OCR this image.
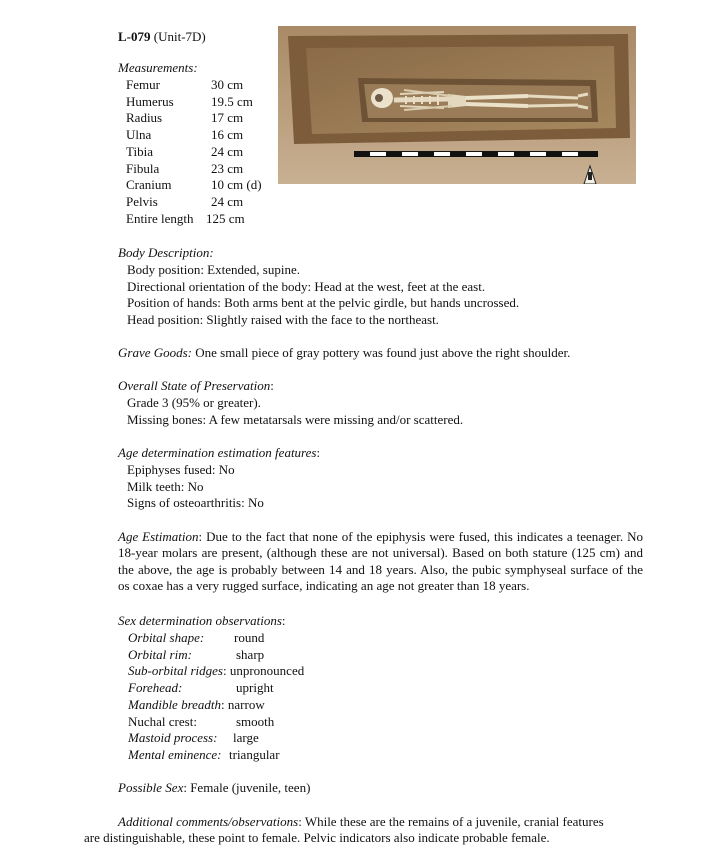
L-079 (Unit-7D)
Measurements:
Femur	30 cm
Humerus	19.5 cm
Radius	17 cm
Ulna	16 cm
Tibia	24 cm
Fibula	23 cm
Cranium	10 cm (d)
Pelvis	24 cm
Entire length 125 cm
Body Description:
Body position: Extended, supine.
Directional orientation of the body: Head at the west, feet at the east.
Position of hands: Both arms bent at the pelvic girdle, but hands uncrossed.
Head position: Slightly raised with the face to the northeast.
Grave Goods: One small piece of gray pottery was found just above the right shoulder.
Overall State of Preservation:
Grade 3 (95% or greater).
Missing bones: A few metatarsals were missing and/or scattered.
Age determination estimation features:
Epiphyses fused: No
Milk teeth: No
Signs of osteoarthritis: No
Age Estimation: Due to the fact that none of the epiphysis were fused, this indicates a teenager. No 18-year molars are present, (although these are not universal). Based on both stature (125 cm) and the above, the age is probably between 14 and 18 years. Also, the pubic symphyseal surface of the os coxae has a very rugged surface, indicating an age not greater than 18 years.
Sex determination observations:
Orbital shape: round
Orbital rim:	sharp
Sub-orbital ridges: unpronounced
Forehead:	upright
Mandible breadth: narrow
Nuchal crest:	smooth
Mastoid process: large
Mental eminence: triangular
Possible Sex: Female (juvenile, teen)
Additional comments/observations: While these are the remains of a juvenile, cranial features
are distinguishable, these point to female. Pelvic indicators also indicate probable female.
